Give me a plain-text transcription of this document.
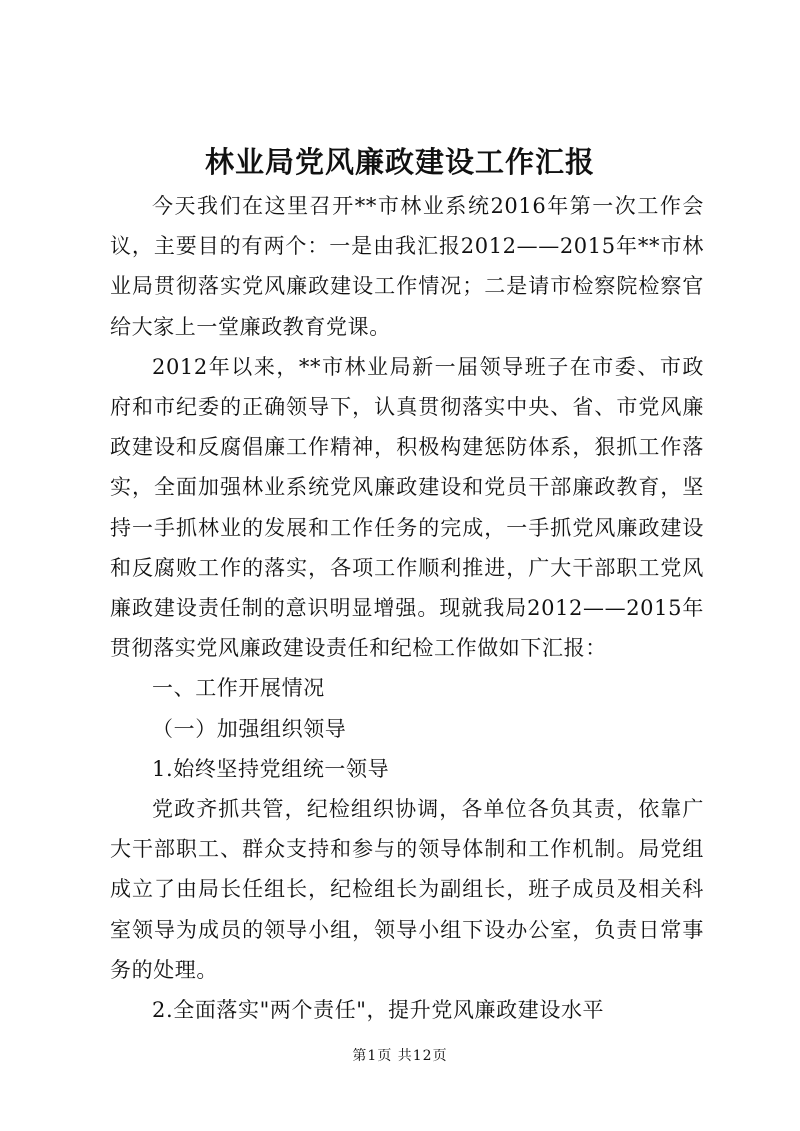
林业局党风廉政建设工作汇报

今天我们在这里召开**市林业系统2016年第一次工作会议，主要目的有两个：一是由我汇报2012——2015年**市林业局贯彻落实党风廉政建设工作情况；二是请市检察院检察官给大家上一堂廉政教育党课。

2012年以来，**市林业局新一届领导班子在市委、市政府和市纪委的正确领导下，认真贯彻落实中央、省、市党风廉政建设和反腐倡廉工作精神，积极构建惩防体系，狠抓工作落实，全面加强林业系统党风廉政建设和党员干部廉政教育，坚持一手抓林业的发展和工作任务的完成，一手抓党风廉政建设和反腐败工作的落实，各项工作顺利推进，广大干部职工党风廉政建设责任制的意识明显增强。现就我局2012——2015年贯彻落实党风廉政建设责任和纪检工作做如下汇报：

一、工作开展情况

（一）加强组织领导

1.始终坚持党组统一领导

党政齐抓共管，纪检组织协调，各单位各负其责，依靠广大干部职工、群众支持和参与的领导体制和工作机制。局党组成立了由局长任组长，纪检组长为副组长，班子成员及相关科室领导为成员的领导小组，领导小组下设办公室，负责日常事务的处理。

2.全面落实"两个责任"，提升党风廉政建设水平

第1页 共12页
